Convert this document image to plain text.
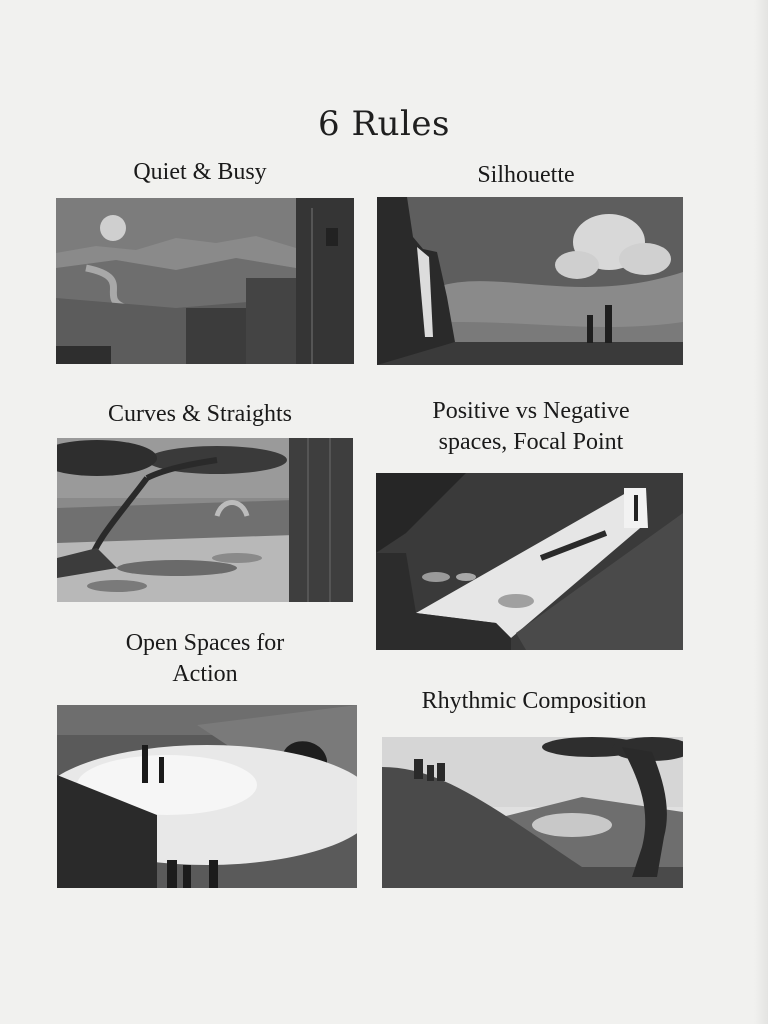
6 Rules
Quiet & Busy	Silhouette
Curves & Straights	Positive vs Negative
spaces, Focal Point
Open Spaces for
Action
Rhythmic Composition
